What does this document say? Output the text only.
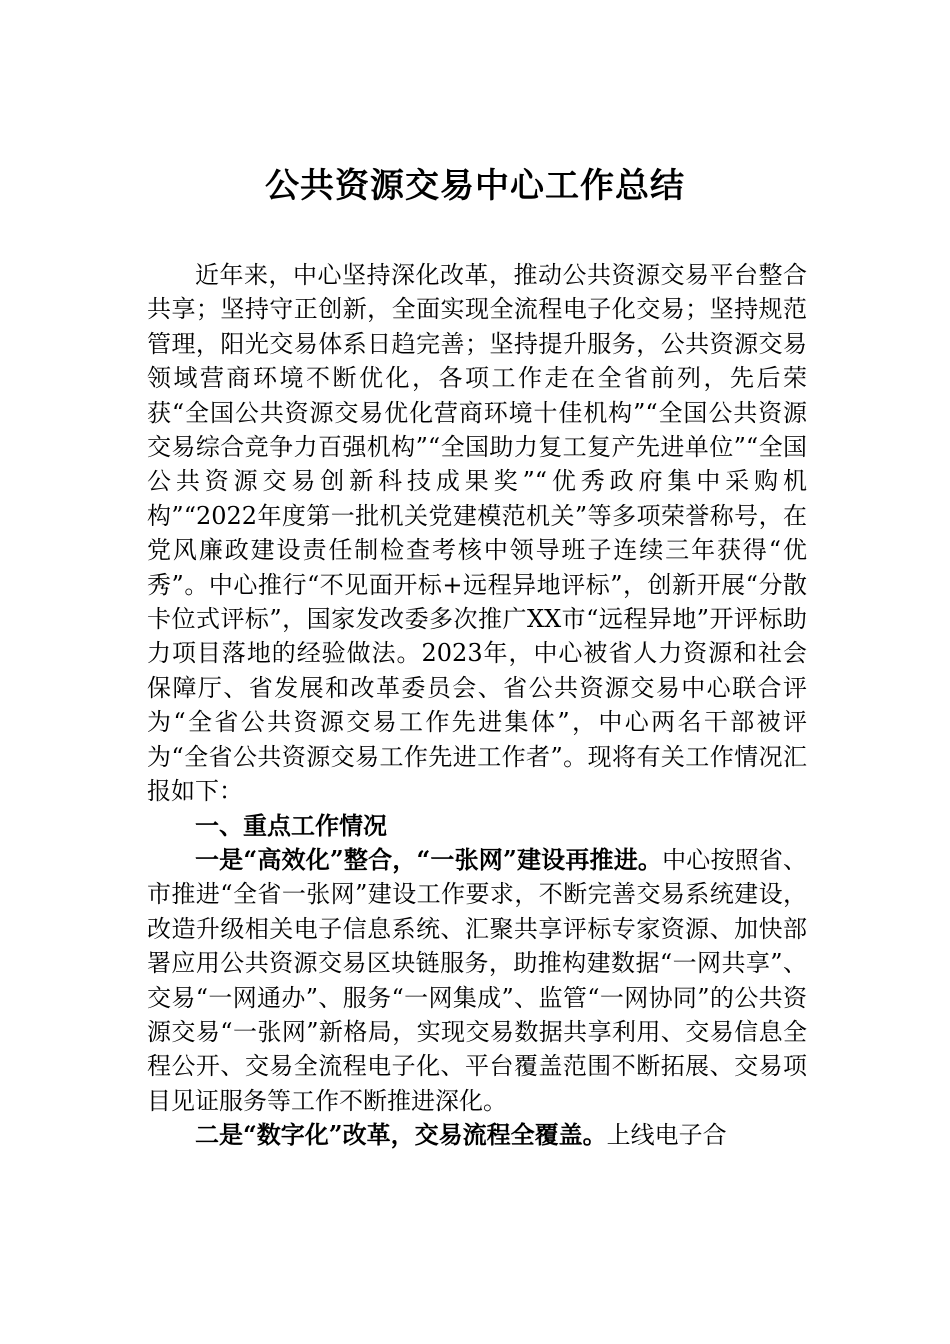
公共资源交易中心工作总结

近年来，中心坚持深化改革，推动公共资源交易平台整合共享；坚持守正创新，全面实现全流程电子化交易；坚持规范管理，阳光交易体系日趋完善；坚持提升服务，公共资源交易领域营商环境不断优化，各项工作走在全省前列，先后荣获“全国公共资源交易优化营商环境十佳机构”“全国公共资源交易综合竞争力百强机构”“全国助力复工复产先进单位”“全国公共资源交易创新科技成果奖”“优秀政府集中采购机构”“2022年度第一批机关党建模范机关”等多项荣誉称号，在党风廉政建设责任制检查考核中领导班子连续三年获得“优秀”。中心推行“不见面开标+远程异地评标”，创新开展“分散卡位式评标”，国家发改委多次推广XX市“远程异地”开评标助力项目落地的经验做法。2023年，中心被省人力资源和社会保障厅、省发展和改革委员会、省公共资源交易中心联合评为“全省公共资源交易工作先进集体”，中心两名干部被评为“全省公共资源交易工作先进工作者”。现将有关工作情况汇报如下：

一、重点工作情况

一是“高效化”整合，“一张网”建设再推进。中心按照省、市推进“全省一张网”建设工作要求，不断完善交易系统建设，改造升级相关电子信息系统、汇聚共享评标专家资源、加快部署应用公共资源交易区块链服务，助推构建数据“一网共享”、交易“一网通办”、服务“一网集成”、监管“一网协同”的公共资源交易“一张网”新格局，实现交易数据共享利用、交易信息全程公开、交易全流程电子化、平台覆盖范围不断拓展、交易项目见证服务等工作不断推进深化。

二是“数字化”改革，交易流程全覆盖。上线电子合
